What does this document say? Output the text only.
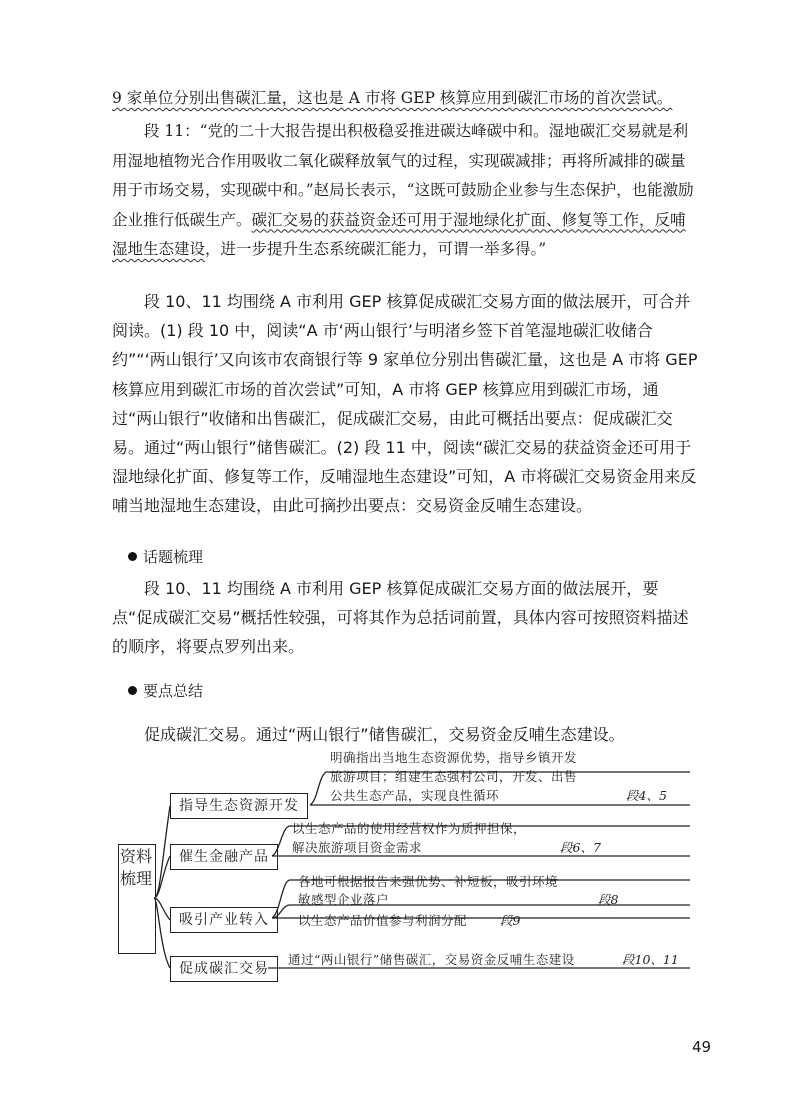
9 家单位分别出售碳汇量，这也是 A 市将 GEP 核算应用到碳汇市场的首次尝试。

段 11：“党的二十大报告提出积极稳妥推进碳达峰碳中和。湿地碳汇交易就是利用湿地植物光合作用吸收二氧化碳释放氧气的过程，实现碳减排；再将所减排的碳量用于市场交易，实现碳中和。”赵局长表示，“这既可鼓励企业参与生态保护，也能激励企业推行低碳生产。碳汇交易的获益资金还可用于湿地绿化扩面、修复等工作，反哺湿地生态建设，进一步提升生态系统碳汇能力，可谓一举多得。”

段 10、11 均围绕 A 市利用 GEP 核算促成碳汇交易方面的做法展开，可合并阅读。(1) 段 10 中，阅读“A 市‘两山银行’与明渚乡签下首笔湿地碳汇收储合约”“‘两山银行’又向该市农商银行等 9 家单位分别出售碳汇量，这也是 A 市将 GEP 核算应用到碳汇市场的首次尝试”可知，A 市将 GEP 核算应用到碳汇市场，通过“两山银行”收储和出售碳汇，促成碳汇交易，由此可概括出要点：促成碳汇交易。通过“两山银行”储售碳汇。(2) 段 11 中，阅读“碳汇交易的获益资金还可用于湿地绿化扩面、修复等工作，反哺湿地生态建设”可知，A 市将碳汇交易资金用来反哺当地湿地生态建设，由此可摘抄出要点：交易资金反哺生态建设。

话题梳理

段 10、11 均围绕 A 市利用 GEP 核算促成碳汇交易方面的做法展开，要点“促成碳汇交易”概括性较强，可将其作为总括词前置，具体内容可按照资料描述的顺序，将要点罗列出来。

要点总结

促成碳汇交易。通过“两山银行”储售碳汇，交易资金反哺生态建设。

资料梳理
指导生态资源开发
明确指出当地生态资源优势，指导乡镇开发
旅游项目；组建生态强村公司，开发、出售
公共生态产品，实现良性循环	段4、5
催生金融产品
以生态产品的使用经营权作为质押担保，
解决旅游项目资金需求	段6、7
吸引产业转入
各地可根据报告来强优势、补短板，吸引环境
敏感型企业落户	段8
以生态产品价值参与利润分配	段9
促成碳汇交易
通过“两山银行”储售碳汇，交易资金反哺生态建设	段10、11
49
